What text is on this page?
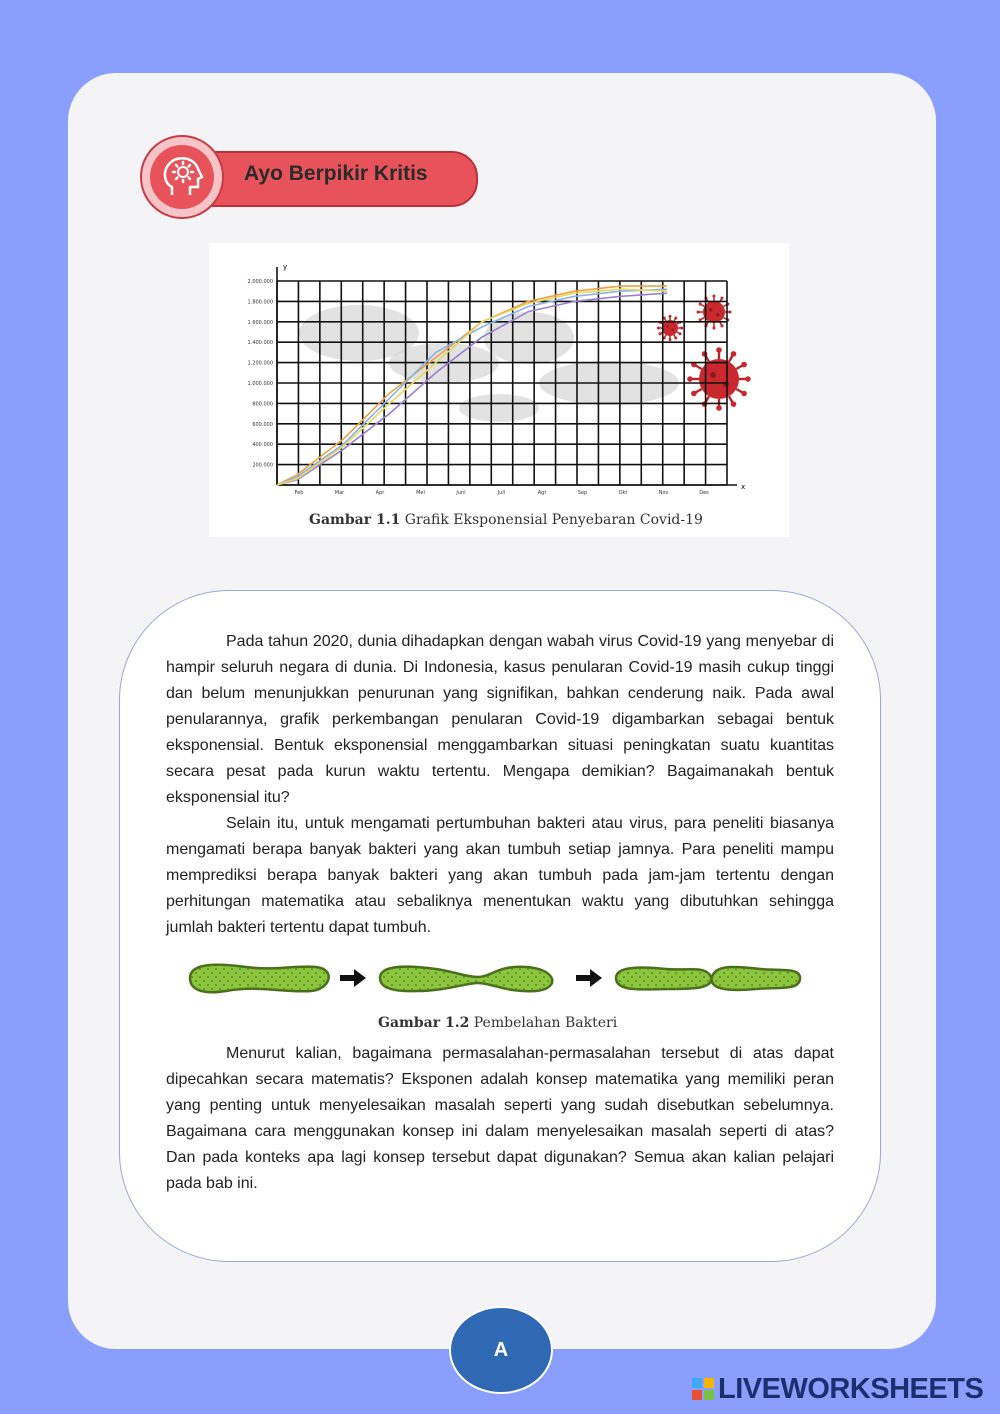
Ayo Berpikir Kritis
x
y
2.000.000
1.800.000
1.600.000
1.400.000
1.200.000
1.000.000
800.000
600.000
400.000
200.000
Feb	Mar	Apr	Mei	Juni	Juli	Agt	Sep	Okt	Nov	Des
Gambar 1.1 Grafik Eksponensial Penyebaran Covid-19

Pada tahun 2020, dunia dihadapkan dengan wabah virus Covid-19 yang menyebar di hampir seluruh negara di dunia. Di Indonesia, kasus penularan Covid-19 masih cukup tinggi dan belum menunjukkan penurunan yang signifikan, bahkan cenderung naik. Pada awal penularannya, grafik perkembangan penularan Covid-19 digambarkan sebagai bentuk eksponensial. Bentuk eksponensial menggambarkan situasi peningkatan suatu kuantitas secara pesat pada kurun waktu tertentu. Mengapa demikian? Bagaimanakah bentuk eksponensial itu?

Selain itu, untuk mengamati pertumbuhan bakteri atau virus, para peneliti biasanya mengamati berapa banyak bakteri yang akan tumbuh setiap jamnya. Para peneliti mampu memprediksi berapa banyak bakteri yang akan tumbuh pada jam-jam tertentu dengan perhitungan matematika atau sebaliknya menentukan waktu yang dibutuhkan sehingga jumlah bakteri tertentu dapat tumbuh.

Gambar 1.2 Pembelahan Bakteri

Menurut kalian, bagaimana permasalahan-permasalahan tersebut di atas dapat dipecahkan secara matematis? Eksponen adalah konsep matematika yang memiliki peran yang penting untuk menyelesaikan masalah seperti yang sudah disebutkan sebelumnya. Bagaimana cara menggunakan konsep ini dalam menyelesaikan masalah seperti di atas? Dan pada konteks apa lagi konsep tersebut dapat digunakan? Semua akan kalian pelajari pada bab ini.

A
LIVEWORKSHEETS
